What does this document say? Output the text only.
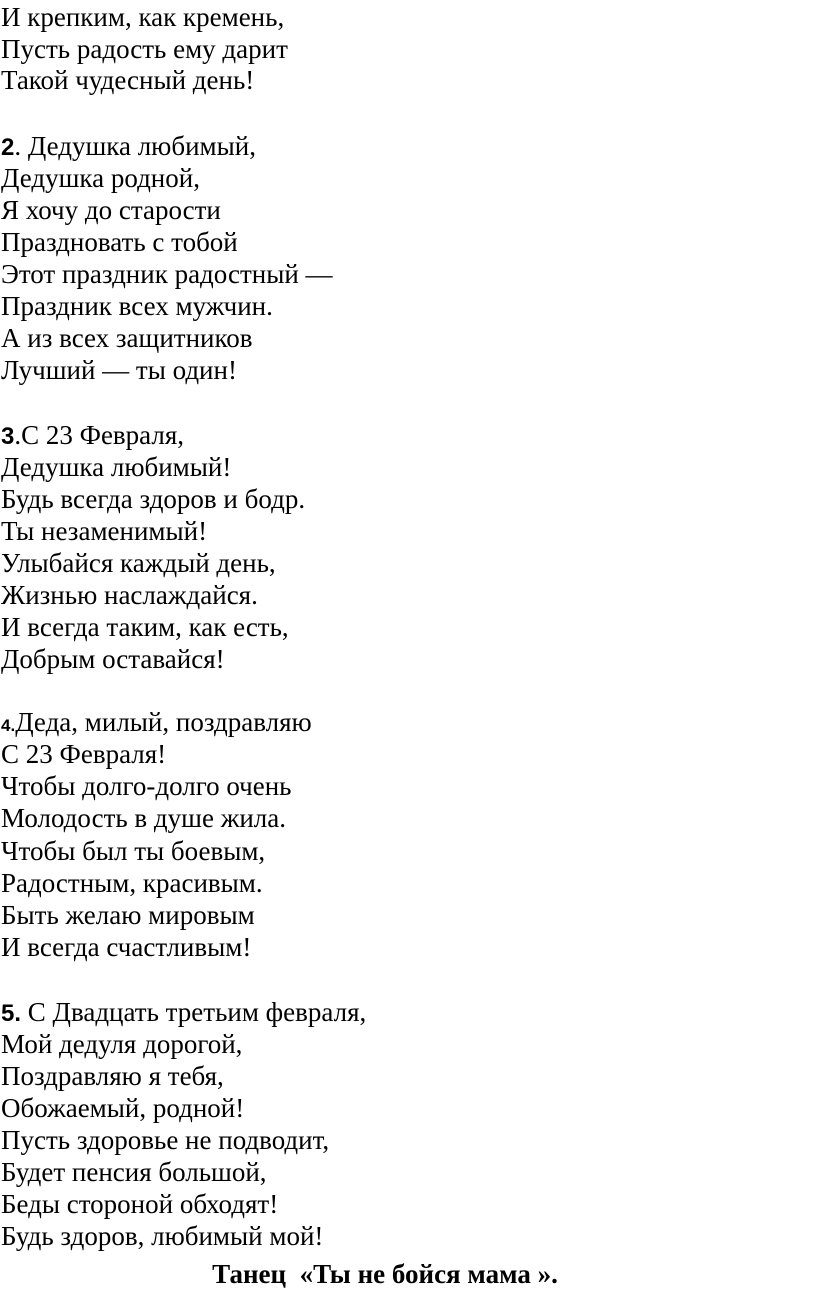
И крепким, как кремень,

Пусть радость ему дарит

Такой чудесный день!

2. Дедушка любимый,

Дедушка родной,

Я хочу до старости

Праздновать с тобой

Этот праздник радостный —

Праздник всех мужчин.

А из всех защитников

Лучший — ты один!

3.С 23 Февраля,

Дедушка любимый!

Будь всегда здоров и бодр.

Ты незаменимый!

Улыбайся каждый день,

Жизнью наслаждайся.

И всегда таким, как есть,

Добрым оставайся!

4.Деда, милый, поздравляю

С 23 Февраля!

Чтобы долго-долго очень

Молодость в душе жила.

Чтобы был ты боевым,

Радостным, красивым.

Быть желаю мировым

И всегда счастливым!

5. С Двадцать третьим февраля,

Мой дедуля дорогой,

Поздравляю я тебя,

Обожаемый, родной!

Пусть здоровье не подводит,

Будет пенсия большой,

Беды стороной обходят!

Будь здоров, любимый мой!

Танец  «Ты не бойся мама ».
